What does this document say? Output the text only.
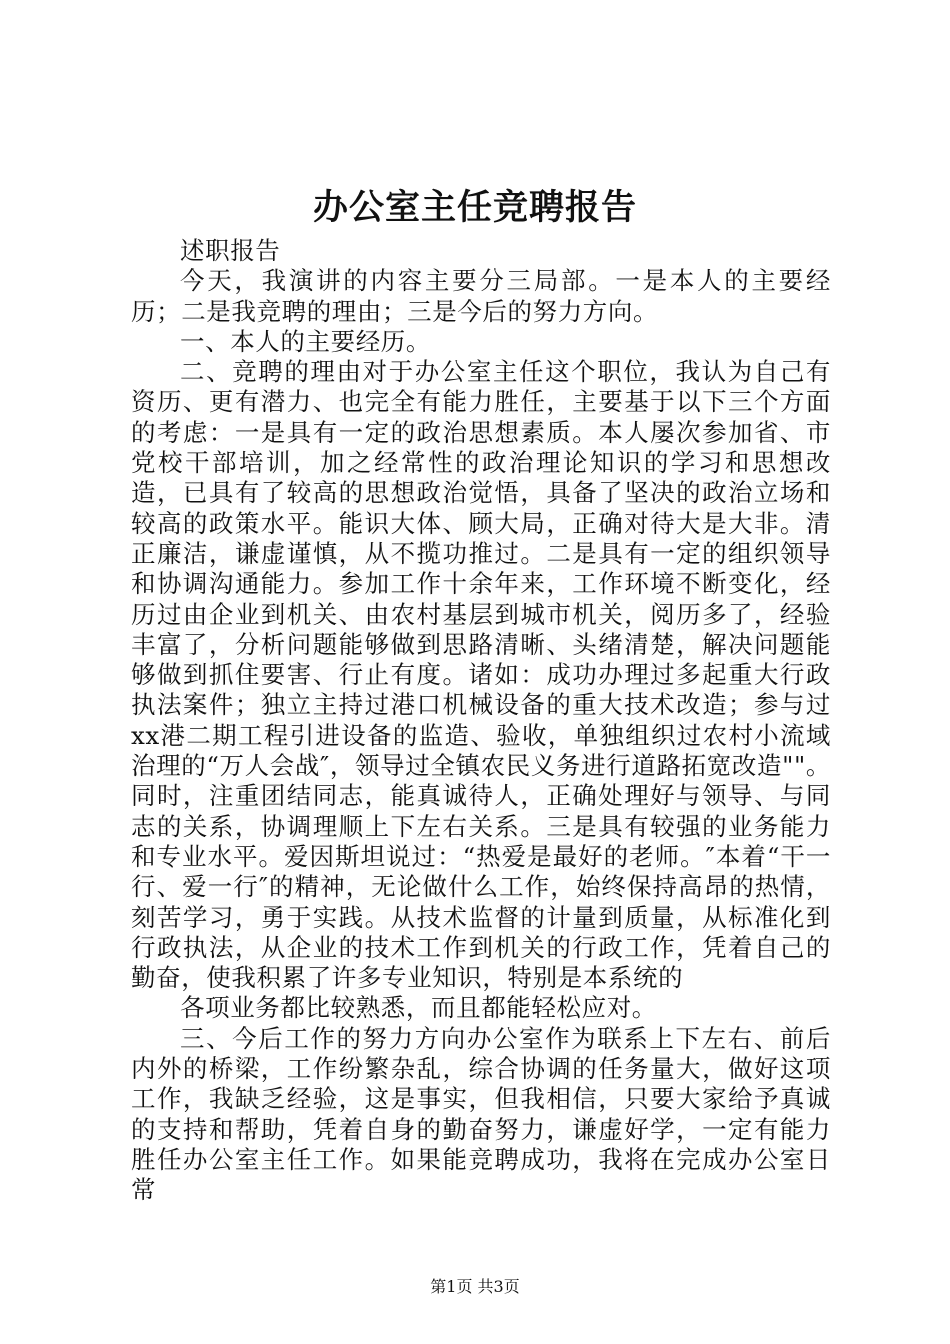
办公室主任竞聘报告

述职报告

今天，我演讲的内容主要分三局部。一是本人的主要经历；二是我竞聘的理由；三是今后的努力方向。

一、本人的主要经历。

二、竞聘的理由对于办公室主任这个职位，我认为自己有资历、更有潜力、也完全有能力胜任，主要基于以下三个方面的考虑：一是具有一定的政治思想素质。本人屡次参加省、市党校干部培训，加之经常性的政治理论知识的学习和思想改造，已具有了较高的思想政治觉悟，具备了坚决的政治立场和较高的政策水平。能识大体、顾大局，正确对待大是大非。清正廉洁，谦虚谨慎，从不揽功推过。二是具有一定的组织领导和协调沟通能力。参加工作十余年来，工作环境不断变化，经历过由企业到机关、由农村基层到城市机关，阅历多了，经验丰富了，分析问题能够做到思路清晰、头绪清楚，解决问题能够做到抓住要害、行止有度。诸如：成功办理过多起重大行政执法案件；独立主持过港口机械设备的重大技术改造；参与过xx港二期工程引进设备的监造、验收，单独组织过农村小流域治理的“万人会战″，领导过全镇农民义务进行道路拓宽改造""。同时，注重团结同志，能真诚待人，正确处理好与领导、与同志的关系，协调理顺上下左右关系。三是具有较强的业务能力和专业水平。爱因斯坦说过：“热爱是最好的老师。″本着“干一行、爱一行″的精神，无论做什么工作，始终保持高昂的热情，刻苦学习，勇于实践。从技术监督的计量到质量，从标准化到行政执法，从企业的技术工作到机关的行政工作，凭着自己的勤奋，使我积累了许多专业知识，特别是本系统的

各项业务都比较熟悉，而且都能轻松应对。

三、今后工作的努力方向办公室作为联系上下左右、前后内外的桥梁，工作纷繁杂乱，综合协调的任务量大，做好这项工作，我缺乏经验，这是事实，但我相信，只要大家给予真诚的支持和帮助，凭着自身的勤奋努力，谦虚好学，一定有能力胜任办公室主任工作。如果能竞聘成功，我将在完成办公室日常

第1页 共3页
